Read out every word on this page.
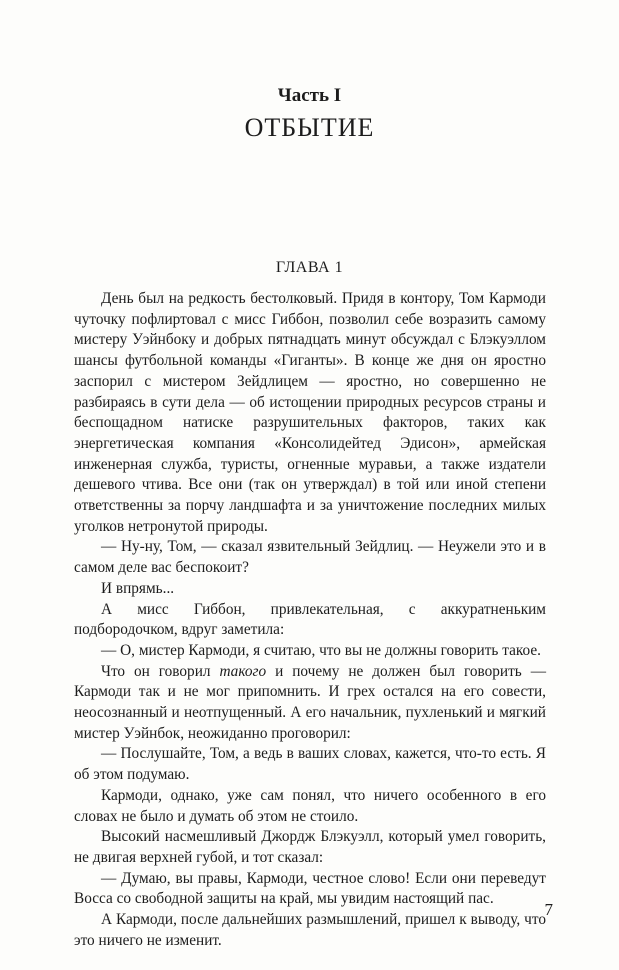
Часть I
ОТБЫТИЕ
ГЛАВА 1

День был на редкость бестолковый. Придя в контору, Том Кармоди чуточку пофлиртовал с мисс Гиббон, позволил себе возразить самому мистеру Уэйнбоку и добрых пятнадцать минут обсуждал с Блэкуэллом шансы футбольной команды «Гиганты». В конце же дня он яростно заспорил с мистером Зейдлицем — яростно, но совершенно не разбираясь в сути дела — об истощении природных ресурсов страны и беспощадном натиске разрушительных факторов, таких как энергетическая компания «Консолидейтед Эдисон», армейская инженерная служба, туристы, огненные муравьи, а также издатели дешевого чтива. Все они (так он утверждал) в той или иной степени ответственны за порчу ландшафта и за уничтожение последних милых уголков нетронутой природы.

— Ну-ну, Том, — сказал язвительный Зейдлиц. — Неужели это и в самом деле вас беспокоит?

И впрямь...

А мисс Гиббон, привлекательная, с аккуратненьким подбородочком, вдруг заметила:

— О, мистер Кармоди, я считаю, что вы не должны говорить такое.

Что он говорил такого и почему не должен был говорить — Кармоди так и не мог припомнить. И грех остался на его совести, неосознанный и неотпущенный. А его начальник, пухленький и мягкий мистер Уэйнбок, неожиданно проговорил:

— Послушайте, Том, а ведь в ваших словах, кажется, что-то есть. Я об этом подумаю.

Кармоди, однако, уже сам понял, что ничего особенного в его словах не было и думать об этом не стоило.

Высокий насмешливый Джордж Блэкуэлл, который умел говорить, не двигая верхней губой, и тот сказал:

— Думаю, вы правы, Кармоди, честное слово! Если они переведут Восса со свободной защиты на край, мы увидим настоящий пас.

А Кармоди, после дальнейших размышлений, пришел к выводу, что это ничего не изменит.

7
